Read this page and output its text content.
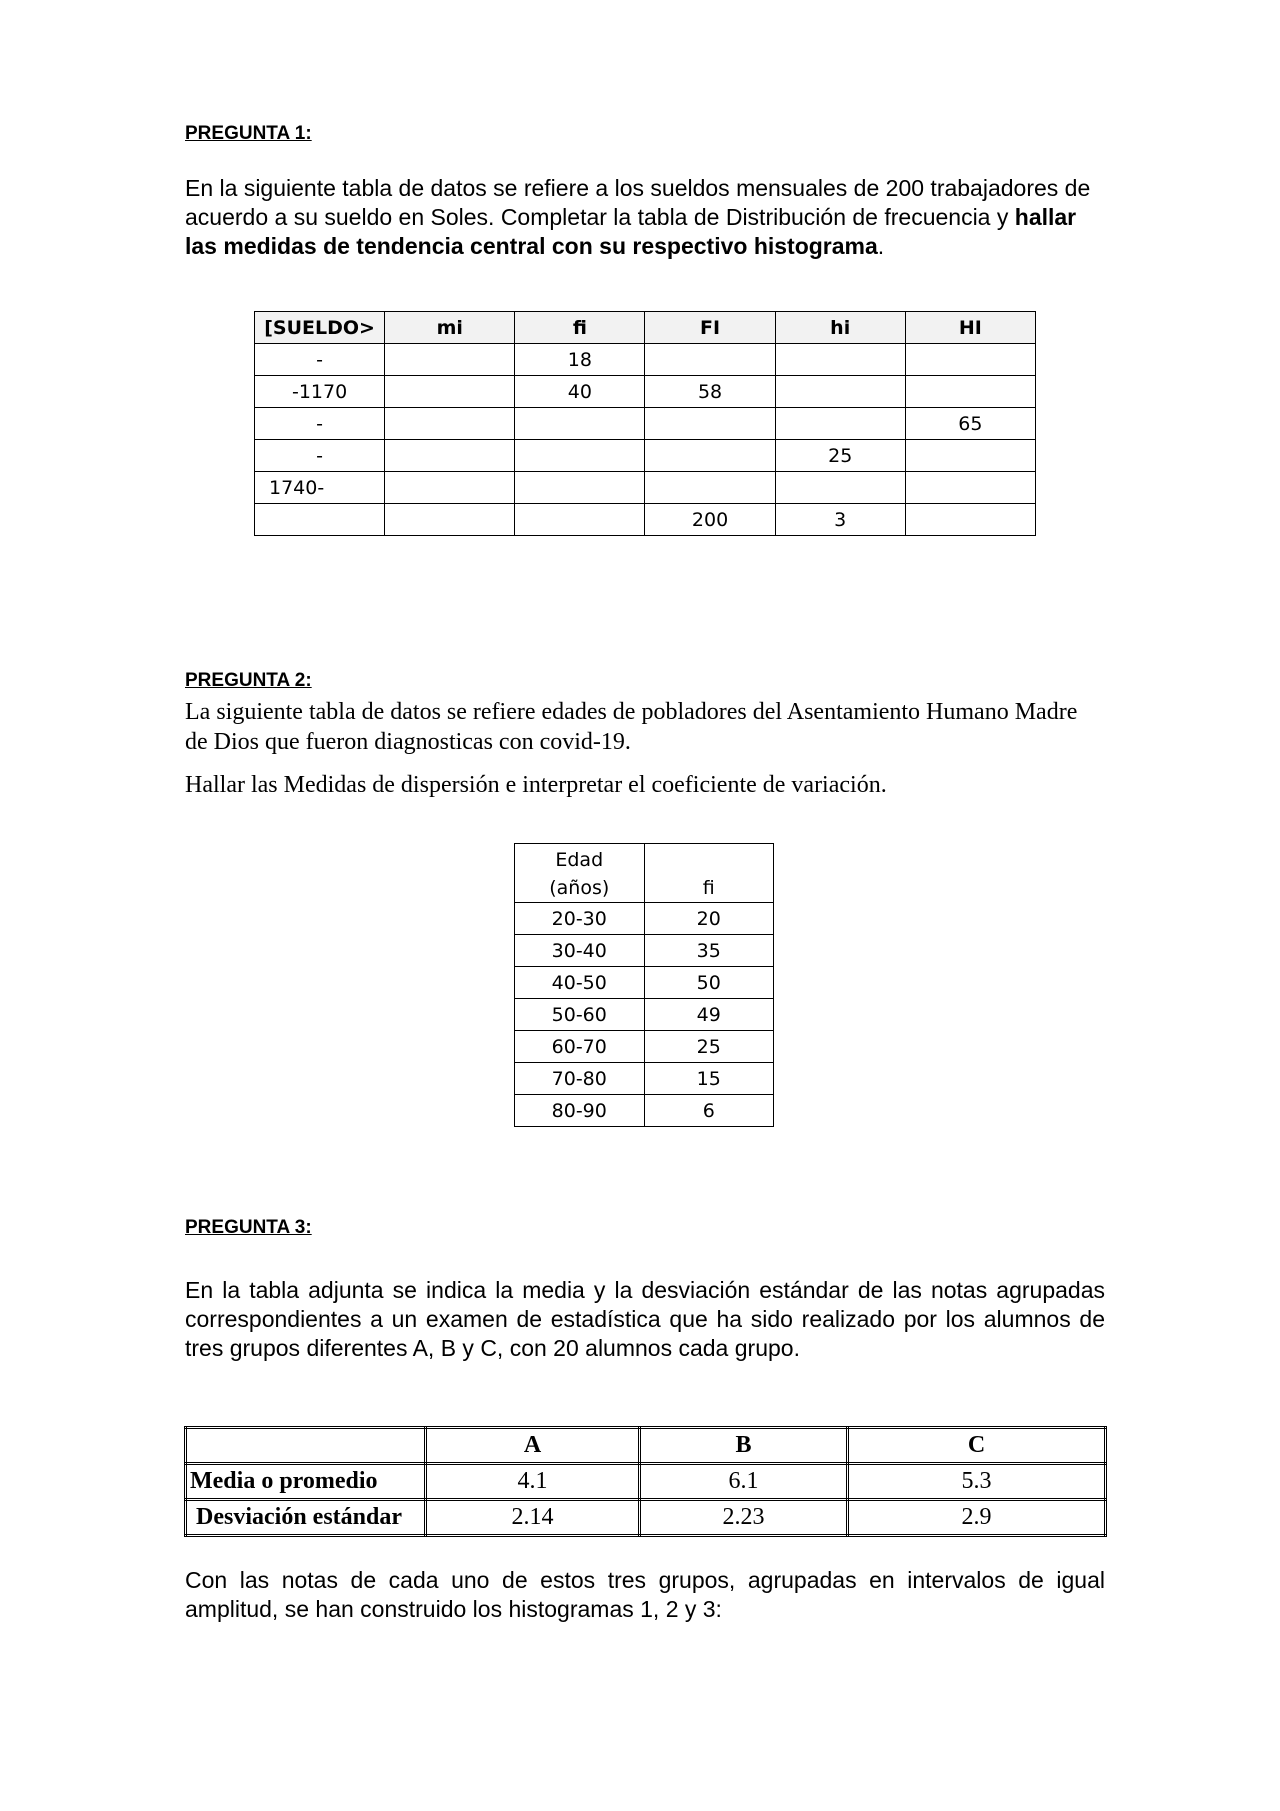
PREGUNTA 1:

En la siguiente tabla de datos se refiere a los sueldos mensuales de 200 trabajadores de acuerdo a su sueldo en Soles. Completar la tabla de Distribución de frecuencia y hallar las medidas de tendencia central con su respectivo histograma.

[SUELDO>	mi	fi	FI	hi	HI
-		18			
-1170		40	58		
-					65
-				25	
1740-					
			200	3	

PREGUNTA 2:

La siguiente tabla de datos se refiere edades de pobladores del Asentamiento Humano Madre de Dios que fueron diagnosticas con covid-19.

Hallar las Medidas de dispersión e interpretar el coeficiente de variación.

Edad
(años)	fi
20-30	20
30-40	35
40-50	50
50-60	49
60-70	25
70-80	15
80-90	6

PREGUNTA 3:

En la tabla adjunta se indica la media y la desviación estándar de las notas agrupadas correspondientes a un examen de estadística que ha sido realizado por los alumnos de tres grupos diferentes A, B y C, con 20 alumnos cada grupo.

	A	B	C
Media o promedio	4.1	6.1	5.3
Desviación estándar	2.14	2.23	2.9

Con las notas de cada uno de estos tres grupos, agrupadas en intervalos de igual amplitud, se han construido los histogramas 1, 2 y 3:
